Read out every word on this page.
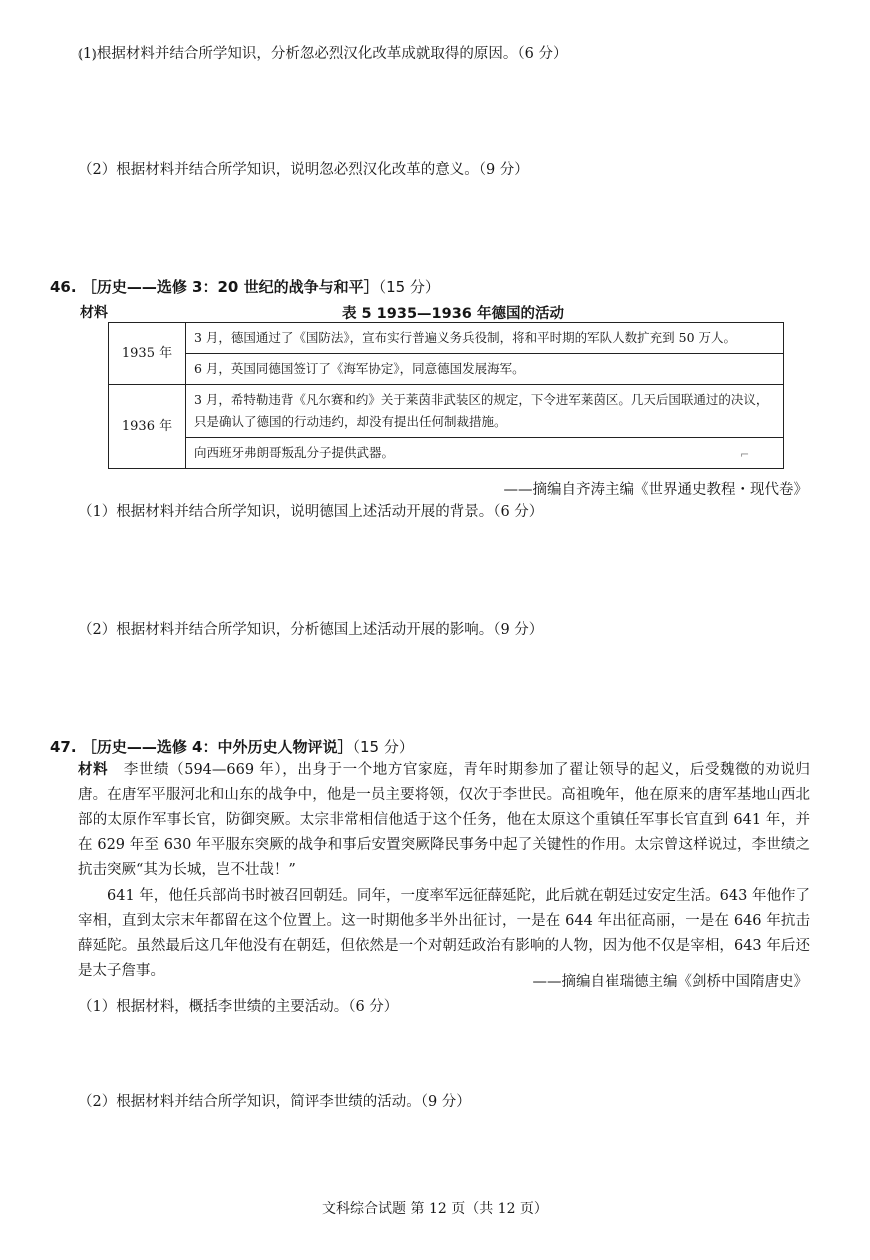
⦅1⦆根据材料并结合所学知识，分析忽必烈汉化改革成就取得的原因。（6 分）
（2）根据材料并结合所学知识，说明忽必烈汉化改革的意义。（9 分）
46. ［历史——选修 3：20 世纪的战争与和平］（15 分）
材料	表 5 1935—1936 年德国的活动
1935 年	3 月，德国通过了《国防法》，宣布实行普遍义务兵役制，将和平时期的军队人数扩充到 50 万人。
	6 月，英国同德国签订了《海军协定》，同意德国发展海军。
1936 年	3 月，希特勒违背《凡尔赛和约》关于莱茵非武装区的规定，下令进军莱茵区。几天后国联通过的决议，只是确认了德国的行动违约，却没有提出任何制裁措施。
	向西班牙弗朗哥叛乱分子提供武器。	⌐
——摘编自齐涛主编《世界通史教程・现代卷》
（1）根据材料并结合所学知识，说明德国上述活动开展的背景。（6 分）
（2）根据材料并结合所学知识，分析德国上述活动开展的影响。（9 分）
47. ［历史——选修 4：中外历史人物评说］（15 分）
材料 李世绩（594—669 年），出身于一个地方官家庭，青年时期参加了翟让领导的起义，后受魏徵的劝说归唐。在唐军平服河北和山东的战争中，他是一员主要将领，仅次于李世民。高祖晚年，他在原来的唐军基地山西北部的太原作军事长官，防御突厥。太宗非常相信他适于这个任务，他在太原这个重镇任军事长官直到 641 年，并在 629 年至 630 年平服东突厥的战争和事后安置突厥降民事务中起了关键性的作用。太宗曾这样说过，李世绩之抗击突厥“其为长城，岂不壮哉！”
641 年，他任兵部尚书时被召回朝廷。同年，一度率军远征薛延陀，此后就在朝廷过安定生活。643 年他作了宰相，直到太宗末年都留在这个位置上。这一时期他多半外出征讨，一是在 644 年出征高丽，一是在 646 年抗击薛延陀。虽然最后这几年他没有在朝廷，但依然是一个对朝廷政治有影响的人物，因为他不仅是宰相，643 年后还是太子詹事。
——摘编自崔瑞德主编《剑桥中国隋唐史》
（1）根据材料，概括李世绩的主要活动。（6 分）
（2）根据材料并结合所学知识，简评李世绩的活动。（9 分）
文科综合试题 第 12 页（共 12 页）
